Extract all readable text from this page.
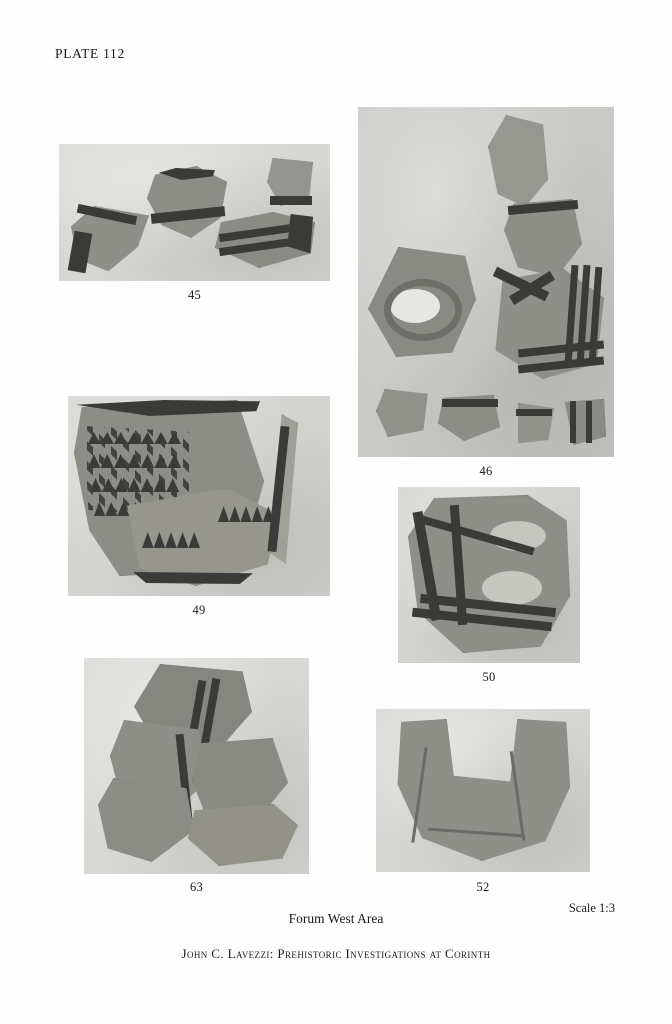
PLATE 112
45
46
49
50
63	52
Forum West Area
Scale 1:3
John C. Lavezzi: Prehistoric Investigations at Corinth
